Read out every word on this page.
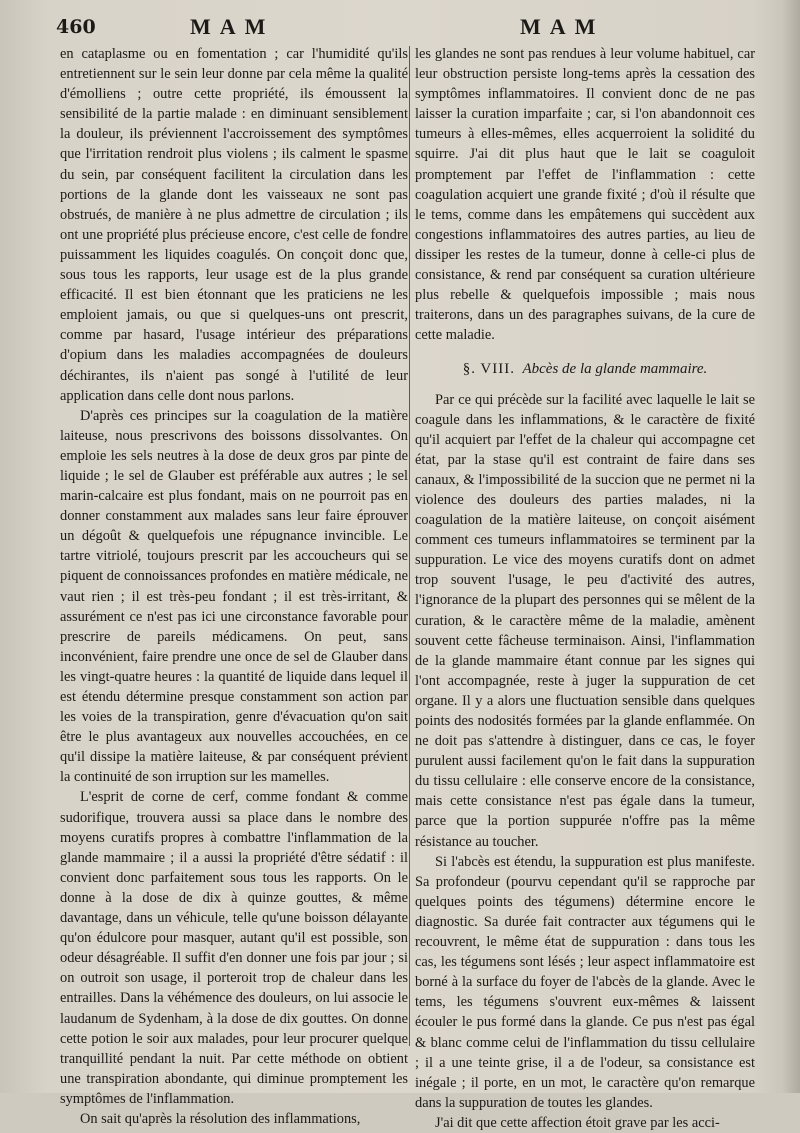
460	MAM	MAM

en cataplasme ou en fomentation ; car l'humidité qu'ils entretiennent sur le sein leur donne par cela même la qualité d'émolliens ; outre cette propriété, ils émoussent la sensibilité de la partie malade : en diminuant sensiblement la douleur, ils préviennent l'accroissement des symptômes que l'irritation rendroit plus violens ; ils calment le spasme du sein, par conséquent facilitent la circulation dans les portions de la glande dont les vaisseaux ne sont pas obstrués, de manière à ne plus admettre de circulation ; ils ont une propriété plus précieuse encore, c'est celle de fondre puissamment les liquides coagulés. On conçoit donc que, sous tous les rapports, leur usage est de la plus grande efficacité. Il est bien étonnant que les praticiens ne les emploient jamais, ou que si quelques-uns ont prescrit, comme par hasard, l'usage intérieur des préparations d'opium dans les maladies accompagnées de douleurs déchirantes, ils n'aient pas songé à l'utilité de leur application dans celle dont nous parlons.

D'après ces principes sur la coagulation de la matière laiteuse, nous prescrivons des boissons dissolvantes. On emploie les sels neutres à la dose de deux gros par pinte de liquide ; le sel de Glauber est préférable aux autres ; le sel marin-calcaire est plus fondant, mais on ne pourroit pas en donner constamment aux malades sans leur faire éprouver un dégoût & quelquefois une répugnance invincible. Le tartre vitriolé, toujours prescrit par les accoucheurs qui se piquent de connoissances profondes en matière médicale, ne vaut rien ; il est très-peu fondant ; il est très-irritant, & assurément ce n'est pas ici une circonstance favorable pour prescrire de pareils médicamens. On peut, sans inconvénient, faire prendre une once de sel de Glauber dans les vingt-quatre heures : la quantité de liquide dans lequel il est étendu détermine presque constamment son action par les voies de la transpiration, genre d'évacuation qu'on sait être le plus avantageux aux nouvelles accouchées, en ce qu'il dissipe la matière laiteuse, & par conséquent prévient la continuité de son irruption sur les mamelles.

L'esprit de corne de cerf, comme fondant & comme sudorifique, trouvera aussi sa place dans le nombre des moyens curatifs propres à combattre l'inflammation de la glande mammaire ; il a aussi la propriété d'être sédatif : il convient donc parfaitement sous tous les rapports. On le donne à la dose de dix à quinze gouttes, & même davantage, dans un véhicule, telle qu'une boisson délayante qu'on édulcore pour masquer, autant qu'il est possible, son odeur désagréable. Il suffit d'en donner une fois par jour ; si on outroit son usage, il porteroit trop de chaleur dans les entrailles. Dans la véhémence des douleurs, on lui associe le laudanum de Sydenham, à la dose de dix gouttes. On donne cette potion le soir aux malades, pour leur procurer quelque tranquillité pendant la nuit. Par cette méthode on obtient une transpiration abondante, qui diminue promptement les symptômes de l'inflammation.

On sait qu'après la résolution des inflammations,

les glandes ne sont pas rendues à leur volume habituel, car leur obstruction persiste long-tems après la cessation des symptômes inflammatoires. Il convient donc de ne pas laisser la curation imparfaite ; car, si l'on abandonnoit ces tumeurs à elles-mêmes, elles acquerroient la solidité du squirre. J'ai dit plus haut que le lait se coaguloit promptement par l'effet de l'inflammation : cette coagulation acquiert une grande fixité ; d'où il résulte que le tems, comme dans les empâtemens qui succèdent aux congestions inflammatoires des autres parties, au lieu de dissiper les restes de la tumeur, donne à celle-ci plus de consistance, & rend par conséquent sa curation ultérieure plus rebelle & quelquefois impossible ; mais nous traiterons, dans un des paragraphes suivans, de la cure de cette maladie.

§. VIII. Abcès de la glande mammaire.

Par ce qui précède sur la facilité avec laquelle le lait se coagule dans les inflammations, & le caractère de fixité qu'il acquiert par l'effet de la chaleur qui accompagne cet état, par la stase qu'il est contraint de faire dans ses canaux, & l'impossibilité de la succion que ne permet ni la violence des douleurs des parties malades, ni la coagulation de la matière laiteuse, on conçoit aisément comment ces tumeurs inflammatoires se terminent par la suppuration. Le vice des moyens curatifs dont on admet trop souvent l'usage, le peu d'activité des autres, l'ignorance de la plupart des personnes qui se mêlent de la curation, & le caractère même de la maladie, amènent souvent cette fâcheuse terminaison. Ainsi, l'inflammation de la glande mammaire étant connue par les signes qui l'ont accompagnée, reste à juger la suppuration de cet organe. Il y a alors une fluctuation sensible dans quelques points des nodosités formées par la glande enflammée. On ne doit pas s'attendre à distinguer, dans ce cas, le foyer purulent aussi facilement qu'on le fait dans la suppuration du tissu cellulaire : elle conserve encore de la consistance, mais cette consistance n'est pas égale dans la tumeur, parce que la portion suppurée n'offre pas la même résistance au toucher.

Si l'abcès est étendu, la suppuration est plus manifeste. Sa profondeur (pourvu cependant qu'il se rapproche par quelques points des tégumens) détermine encore le diagnostic. Sa durée fait contracter aux tégumens qui le recouvrent, le même état de suppuration : dans tous les cas, les tégumens sont lésés ; leur aspect inflammatoire est borné à la surface du foyer de l'abcès de la glande. Avec le tems, les tégumens s'ouvrent eux-mêmes & laissent écouler le pus formé dans la glande. Ce pus n'est pas égal & blanc comme celui de l'inflammation du tissu cellulaire ; il a une teinte grise, il a de l'odeur, sa consistance est inégale ; il porte, en un mot, le caractère qu'on remarque dans la suppuration de toutes les glandes.

J'ai dit que cette affection étoit grave par les acci-
